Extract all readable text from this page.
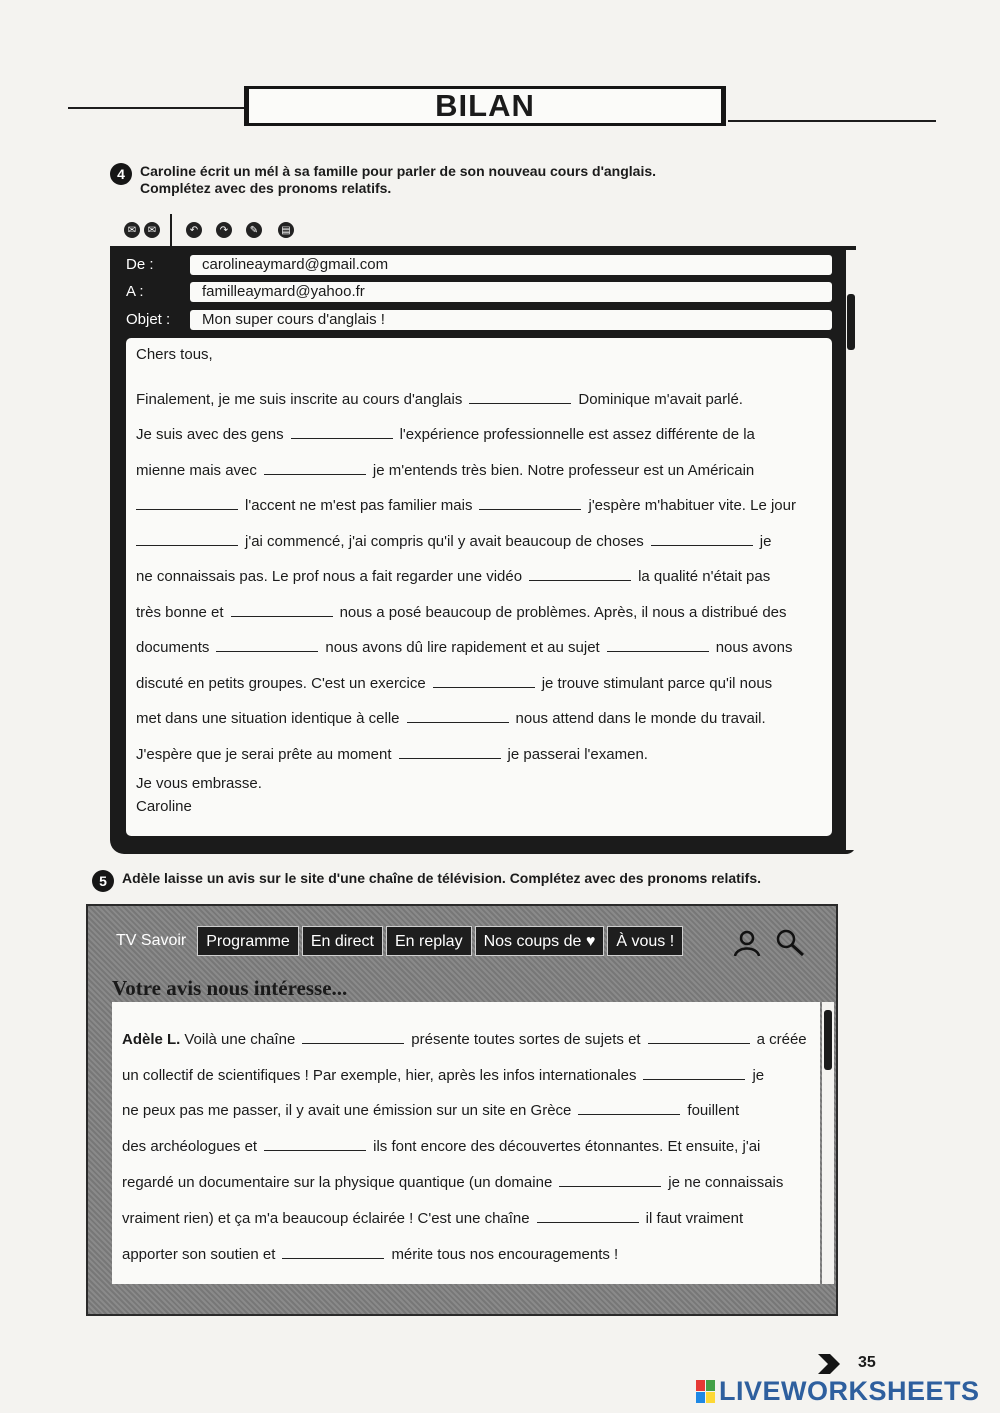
BILAN
4	Caroline écrit un mél à sa famille pour parler de son nouveau cours d'anglais.
Complétez avec des pronoms relatifs.
✉	✉	↶	↷	✎	▤
De :	carolineaymard@gmail.com
A :	familleaymard@yahoo.fr
Objet :	Mon super cours d'anglais !
Chers tous,
Finalement, je me suis inscrite au cours d'anglais	Dominique m'avait parlé.
Je suis avec des gens	l'expérience professionnelle est assez différente de la
mienne mais avec	je m'entends très bien. Notre professeur est un Américain
l'accent ne m'est pas familier mais	j'espère m'habituer vite. Le jour
j'ai commencé, j'ai compris qu'il y avait beaucoup de choses	je
ne connaissais pas. Le prof nous a fait regarder une vidéo	la qualité n'était pas
très bonne et	nous a posé beaucoup de problèmes. Après, il nous a distribué des
documents	nous avons dû lire rapidement et au sujet	nous avons
discuté en petits groupes. C'est un exercice	je trouve stimulant parce qu'il nous
met dans une situation identique à celle	nous attend dans le monde du travail.
J'espère que je serai prête au moment	je passerai l'examen.
Je vous embrasse.
Caroline
5	Adèle laisse un avis sur le site d'une chaîne de télévision. Complétez avec des pronoms relatifs.
TV Savoir	Programme	En direct	En replay	Nos coups de ♥	À vous !
Votre avis nous intéresse...
Adèle L. Voilà une chaîne	présente toutes sortes de sujets et	a créée
un collectif de scientifiques ! Par exemple, hier, après les infos internationales	je
ne peux pas me passer, il y avait une émission sur un site en Grèce	fouillent
des archéologues et	ils font encore des découvertes étonnantes. Et ensuite, j'ai
regardé un documentaire sur la physique quantique (un domaine	je ne connaissais
vraiment rien) et ça m'a beaucoup éclairée ! C'est une chaîne	il faut vraiment
apporter son soutien et	mérite tous nos encouragements !
35
LIVEWORKSHEETS
